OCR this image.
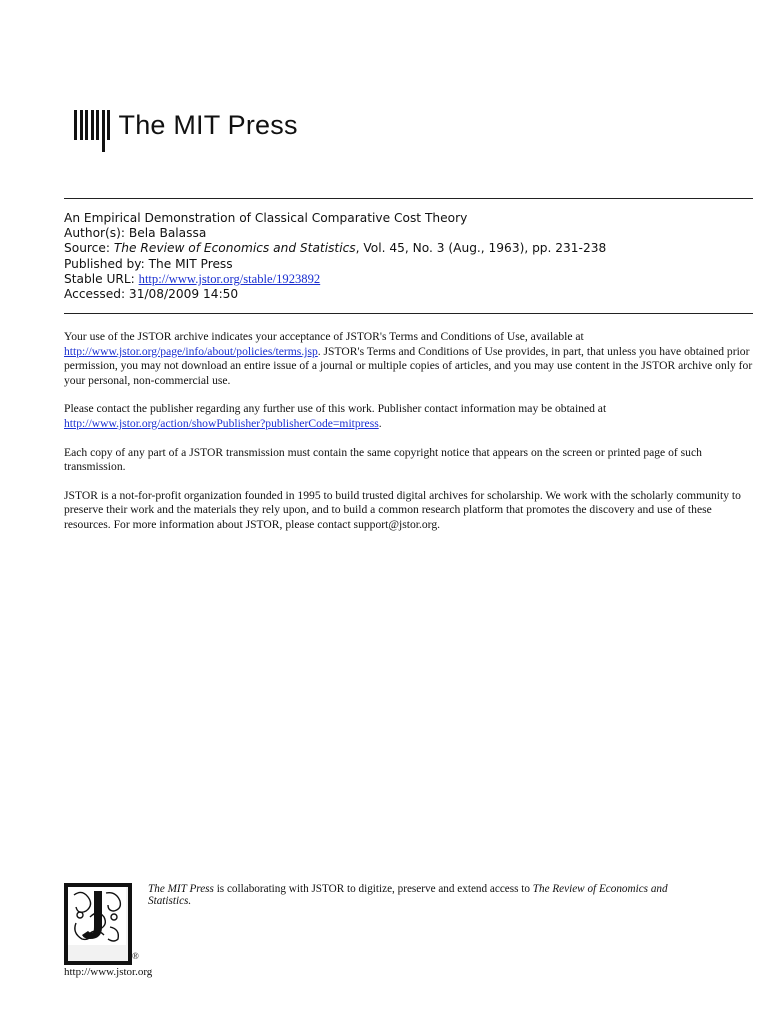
The MIT Press
An Empirical Demonstration of Classical Comparative Cost Theory
Author(s): Bela Balassa
Source: The Review of Economics and Statistics, Vol. 45, No. 3 (Aug., 1963), pp. 231-238
Published by: The MIT Press
Stable URL: http://www.jstor.org/stable/1923892
Accessed: 31/08/2009 14:50

Your use of the JSTOR archive indicates your acceptance of JSTOR's Terms and Conditions of Use, available at
http://www.jstor.org/page/info/about/policies/terms.jsp. JSTOR's Terms and Conditions of Use provides, in part, that unless you have obtained prior permission, you may not download an entire issue of a journal or multiple copies of articles, and you may use content in the JSTOR archive only for your personal, non-commercial use.

Please contact the publisher regarding any further use of this work. Publisher contact information may be obtained at
http://www.jstor.org/action/showPublisher?publisherCode=mitpress.

Each copy of any part of a JSTOR transmission must contain the same copyright notice that appears on the screen or printed page of such transmission.

JSTOR is a not-for-profit organization founded in 1995 to build trusted digital archives for scholarship. We work with the scholarly community to preserve their work and the materials they rely upon, and to build a common research platform that promotes the discovery and use of these resources. For more information about JSTOR, please contact support@jstor.org.

JSTOR ®
The MIT Press is collaborating with JSTOR to digitize, preserve and extend access to The Review of Economics and Statistics.
http://www.jstor.org
